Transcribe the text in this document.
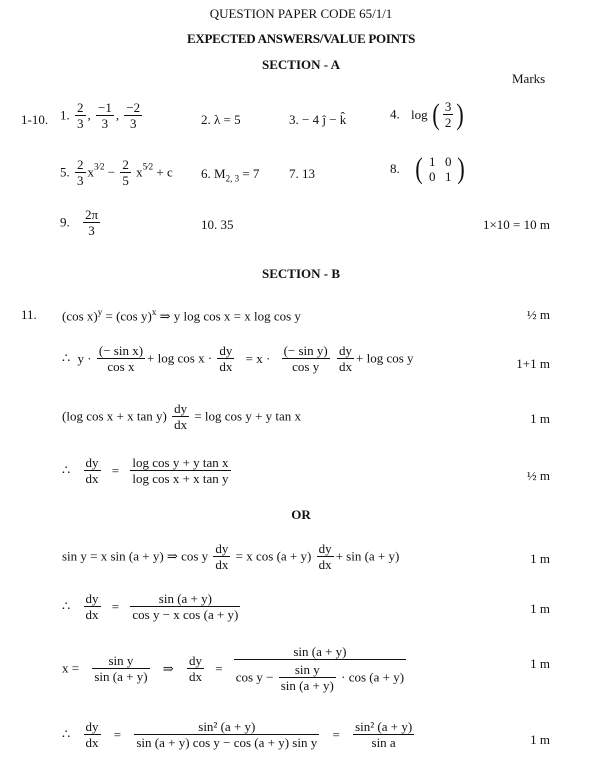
QUESTION PAPER CODE 65/1/1
EXPECTED ANSWERS/VALUE POINTS
SECTION - A
Marks
1-10. 1. $\frac{2}{3}$ , $\frac{-1}{3}$ , $\frac{-2}{3}$	2. λ = 5	3. − 4 ĵ − k̂	4. log ( $\frac{3}{2}$ )
5. $\frac{2}{3} x^{3⁄2} - \frac{2}{5} x^{5⁄2} + c$ 6. $M_{2, 3} = 7$ 7. 13	8. ( 1 0
0 1 )
9. $\frac{2\pi}{3}$	10. 35	1×10 = 10 m
SECTION - B
11. (cos x)$^y$ = (cos y)$^x$ ⇒ y log cos x = x log cos y	½ m
∴ $y \cdot \frac{\text{(− sin x)}}{\text{cos x}} + \log \cos x \cdot \frac{dy}{dx} = x \cdot \frac{\text{(− sin y)}}{\text{cos y}}$
$\frac{dy}{dx} + \log \cos y$	1+1 m
(log cos x + x $\tan y) \frac{dy}{dx} = \log \cos y + y$ tan x	1 m
∴ $\frac{dy}{dx} = \frac{\text{log cos y + y tan x}}{\text{log cos x + x tan y}}$	½ m
OR
sin y = x sin (a + y) ⇒ cos y $\frac{dy}{dx} = x$ $\cos (a + y) \frac{dy}{dx} + \sin (a + y)$	1 m
∴ $\frac{dy}{dx} = \frac{\sin (a + y)}{\text{cos y − x cos (a + y)}}$	1 m
$x = \frac{\text{sin y}}{\sin (a + y)}$ ⇒ $\frac{dy}{dx} = \frac{\sin (a + y)}{\cos y - \frac{\text{sin y}}{\sin (a + y)} \cdot \cos (a + y)}$	1 m
∴ $\frac{dy}{dx} = \frac{\text{sin² (a + y)}}{\text{sin (a + y) cos y − cos (a + y) sin y}} = \frac{\text{sin² (a + y)}}{\text{sin a}}$	1 m
